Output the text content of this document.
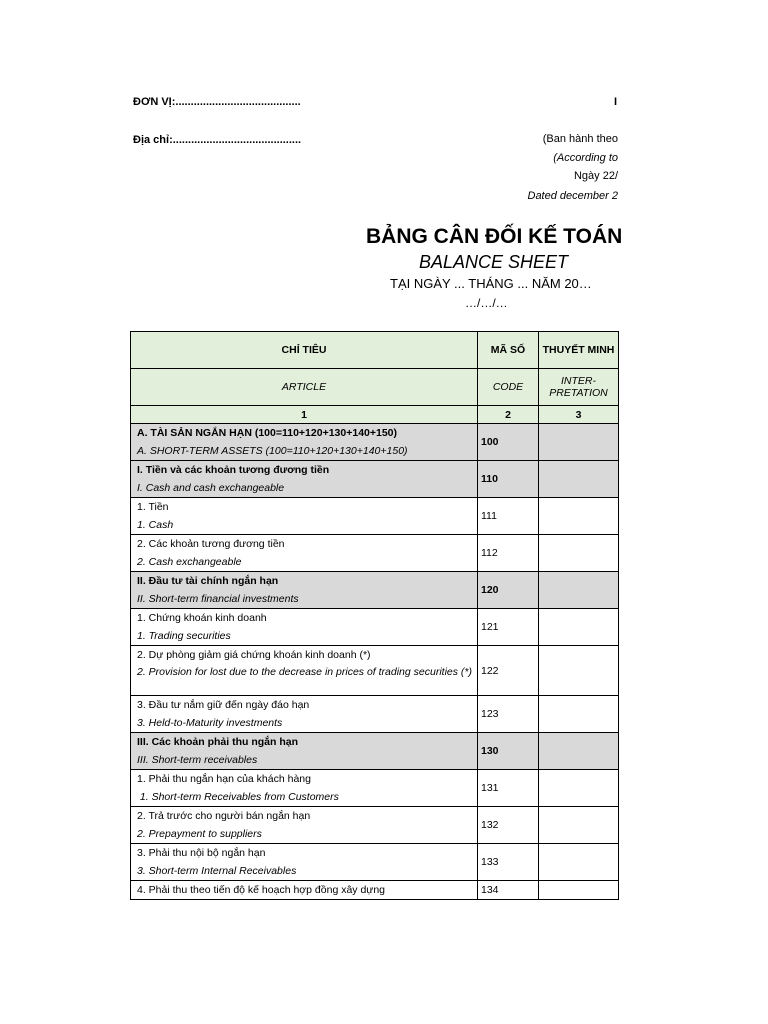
ĐƠN VỊ:.........................................	I
Địa chỉ:..........................................	(Ban hành theo
(According to
Ngày 22/
Dated december 2
BẢNG CÂN ĐỐI KẾ TOÁN
BALANCE SHEET
TẠI NGÀY ... THÁNG ... NĂM 20…
…/…/…
CHỈ TIÊU	MÃ SỐ	THUYẾT MINH
ARTICLE	CODE	INTER-PRETATION
1	2	3

A. TÀI SẢN NGẮN HẠN (100=110+120+130+140+150)
A. SHORT-TERM ASSETS (100=110+120+130+140+150)	100	

I. Tiền và các khoản tương đương tiền
I. Cash and cash exchangeable	110	

1. Tiền
1. Cash	111	

2. Các khoản tương đương tiền
2. Cash exchangeable	112	

II. Đầu tư tài chính ngắn hạn
II. Short-term financial investments	120	

1. Chứng khoán kinh doanh
1. Trading securities	121	

2. Dự phòng giảm giá chứng khoán kinh doanh (*)
2. Provision for lost due to the decrease in prices of trading securities (*)	122	

3. Đầu tư nắm giữ đến ngày đáo hạn
3. Held-to-Maturity investments	123	

III. Các khoản phải thu ngắn hạn
III. Short-term receivables	130	

1. Phải thu ngắn hạn của khách hàng
1. Short-term Receivables from Customers	131	

2. Trả trước cho người bán ngắn hạn
2. Prepayment to suppliers	132	

3. Phải thu nội bộ ngắn hạn
3. Short-term Internal Receivables	133	

4. Phải thu theo tiến độ kế hoạch hợp đồng xây dựng	134	
